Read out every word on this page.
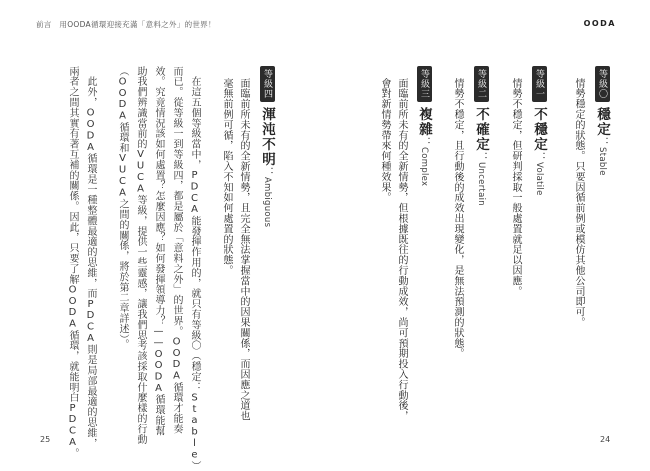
前言　用OODA循環迎接充滿「意料之外」的世界！	OODA
等級〇穩定：Stable
情勢穩定的狀態。只要因循前例或模仿其他公司即可。
等級一不穩定：Volatile
情勢不穩定，但研判採取一般處置就足以因應。
等級二不確定：Uncertain
情勢不穩定，且行動後的成效出現變化，是無法預測的狀態。
等級三複雜：Complex
面臨前所未有的全新情勢，但根據既往的行動成效，尚可預期投入行動後，
會對新情勢帶來何種效果。
等級四渾沌不明：Ambiguous
面臨前所未有的全新情勢，且完全無法掌握當中的因果關係，而因應之道也
毫無前例可循，陷入不知如何處置的狀態。
　在這五個等級當中，PDCA能發揮作用的，就只有等級〇（穩定：Stable）
而已。從等級一到等級四，都是屬於「意料之外」的世界。OODA循環才能奏
效。究竟情況該如何處置？怎麼因應？如何發揮領導力？——OODA循環能幫
助我們辨識當前的VUCA等級，提供一些靈感，讓我們思考該採取什麼樣的行動
（OODA循環和VUCA之間的關係，將於第二章詳述）。
　此外，OODA循環是一種整體最適的思維，而PDCA則是局部最適的思維，
兩者之間其實有著互補的關係。因此，只要了解OODA循環，就能明白PDCA。
25	24
